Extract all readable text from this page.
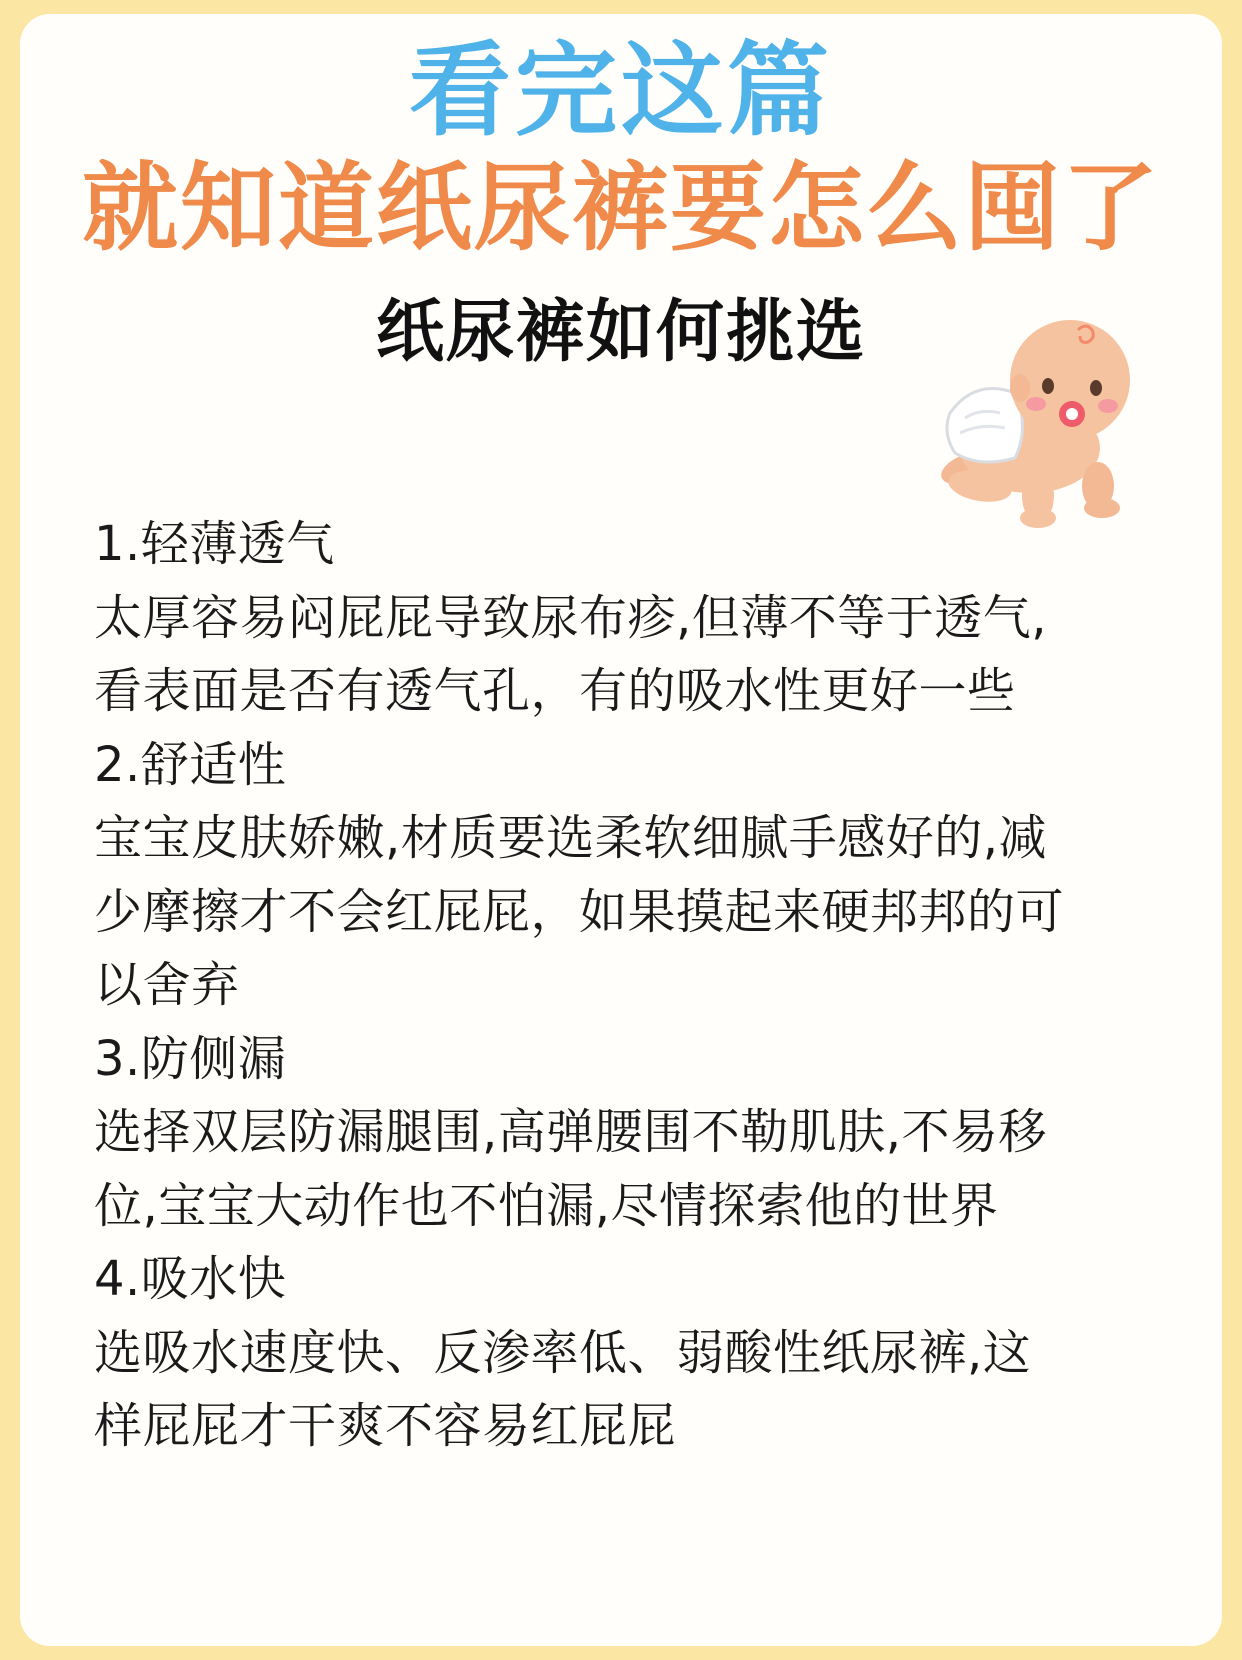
看完这篇
就知道纸尿裤要怎么囤了
纸尿裤如何挑选
1.轻薄透气
太厚容易闷屁屁导致尿布疹,但薄不等于透气,
看表面是否有透气孔，有的吸水性更好一些
2.舒适性
宝宝皮肤娇嫩,材质要选柔软细腻手感好的,减
少摩擦才不会红屁屁，如果摸起来硬邦邦的可
以舍弃
3.防侧漏
选择双层防漏腿围,高弹腰围不勒肌肤,不易移
位,宝宝大动作也不怕漏,尽情探索他的世界
4.吸水快
选吸水速度快、反渗率低、弱酸性纸尿裤,这
样屁屁才干爽不容易红屁屁
